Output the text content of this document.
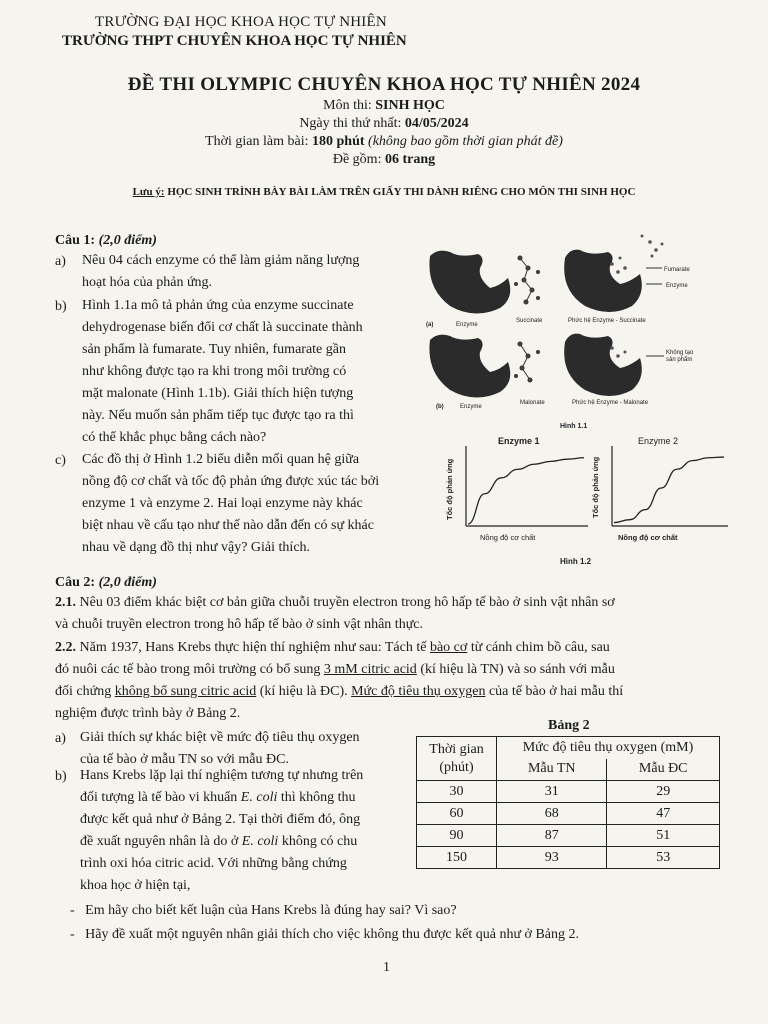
TRƯỜNG ĐẠI HỌC KHOA HỌC TỰ NHIÊN
TRƯỜNG THPT CHUYÊN KHOA HỌC TỰ NHIÊN
ĐỀ THI OLYMPIC CHUYÊN KHOA HỌC TỰ NHIÊN 2024
Môn thi: SINH HỌC
Ngày thi thứ nhất: 04/05/2024
Thời gian làm bài: 180 phút (không bao gồm thời gian phát đề)
Đề gồm: 06 trang
Lưu ý: HỌC SINH TRÌNH BÀY BÀI LÀM TRÊN GIẤY THI DÀNH RIÊNG CHO MÔN THI SINH HỌC
Câu 1: (2,0 điểm)
a) Nêu 04 cách enzyme có thể làm giảm năng lượng
hoạt hóa của phản ứng.
b) Hình 1.1a mô tả phản ứng của enzyme succinate
dehydrogenase biến đổi cơ chất là succinate thành
sản phẩm là fumarate. Tuy nhiên, fumarate gần
như không được tạo ra khi trong môi trường có
mặt malonate (Hình 1.1b). Giải thích hiện tượng
này. Nếu muốn sản phẩm tiếp tục được tạo ra thì
có thể khắc phục bằng cách nào?
c) Các đồ thị ở Hình 1.2 biểu diễn mối quan hệ giữa
nồng độ cơ chất và tốc độ phản ứng được xúc tác bởi
enzyme 1 và enzyme 2. Hai loại enzyme này khác
biệt nhau về cấu tạo như thế nào dẫn đến có sự khác
nhau về dạng đồ thị như vậy? Giải thích.
Fumarate
Enzyme
(a)	Enzyme
Succinate	Phức hệ Enzyme - Succinate
Không tạo
sản phẩm
(b)	Enzyme
Malonate	Phức hệ Enzyme - Malonate
Hình 1.1
Enzyme 1
Tốc độ phản ứng
Nồng độ cơ chất
Enzyme 2
Tốc độ phản ứng
Nồng độ cơ chất
Hình 1.2
Câu 2: (2,0 điểm)
2.1. Nêu 03 điểm khác biệt cơ bản giữa chuỗi truyền electron trong hô hấp tế bào ở sinh vật nhân sơ
và chuỗi truyền electron trong hô hấp tế bào ở sinh vật nhân thực.
2.2. Năm 1937, Hans Krebs thực hiện thí nghiệm như sau: Tách tế bào cơ từ cánh chim bồ câu, sau
đó nuôi các tế bào trong môi trường có bổ sung 3 mM citric acid (kí hiệu là TN) và so sánh với mẫu
đối chứng không bổ sung citric acid (kí hiệu là ĐC). Mức độ tiêu thụ oxygen của tế bào ở hai mẫu thí
nghiệm được trình bày ở Bảng 2.
a) Giải thích sự khác biệt về mức độ tiêu thụ oxygen
của tế bào ở mẫu TN so với mẫu ĐC.
b) Hans Krebs lặp lại thí nghiệm tương tự nhưng trên
đối tượng là tế bào vi khuẩn E. coli thì không thu
được kết quả như ở Bảng 2. Tại thời điểm đó, ông
đề xuất nguyên nhân là do ở E. coli không có chu
trình oxi hóa citric acid. Với những bằng chứng
khoa học ở hiện tại,
Bảng 2
Thời gian
(phút)	Mức độ tiêu thụ oxygen (mM)	
	Mẫu TN	Mẫu ĐC
30	31	29
60	68	47
90	87	51
150	93	53
-   Em hãy cho biết kết luận của Hans Krebs là đúng hay sai? Vì sao?
-   Hãy đề xuất một nguyên nhân giải thích cho việc không thu được kết quả như ở Bảng 2.
1
